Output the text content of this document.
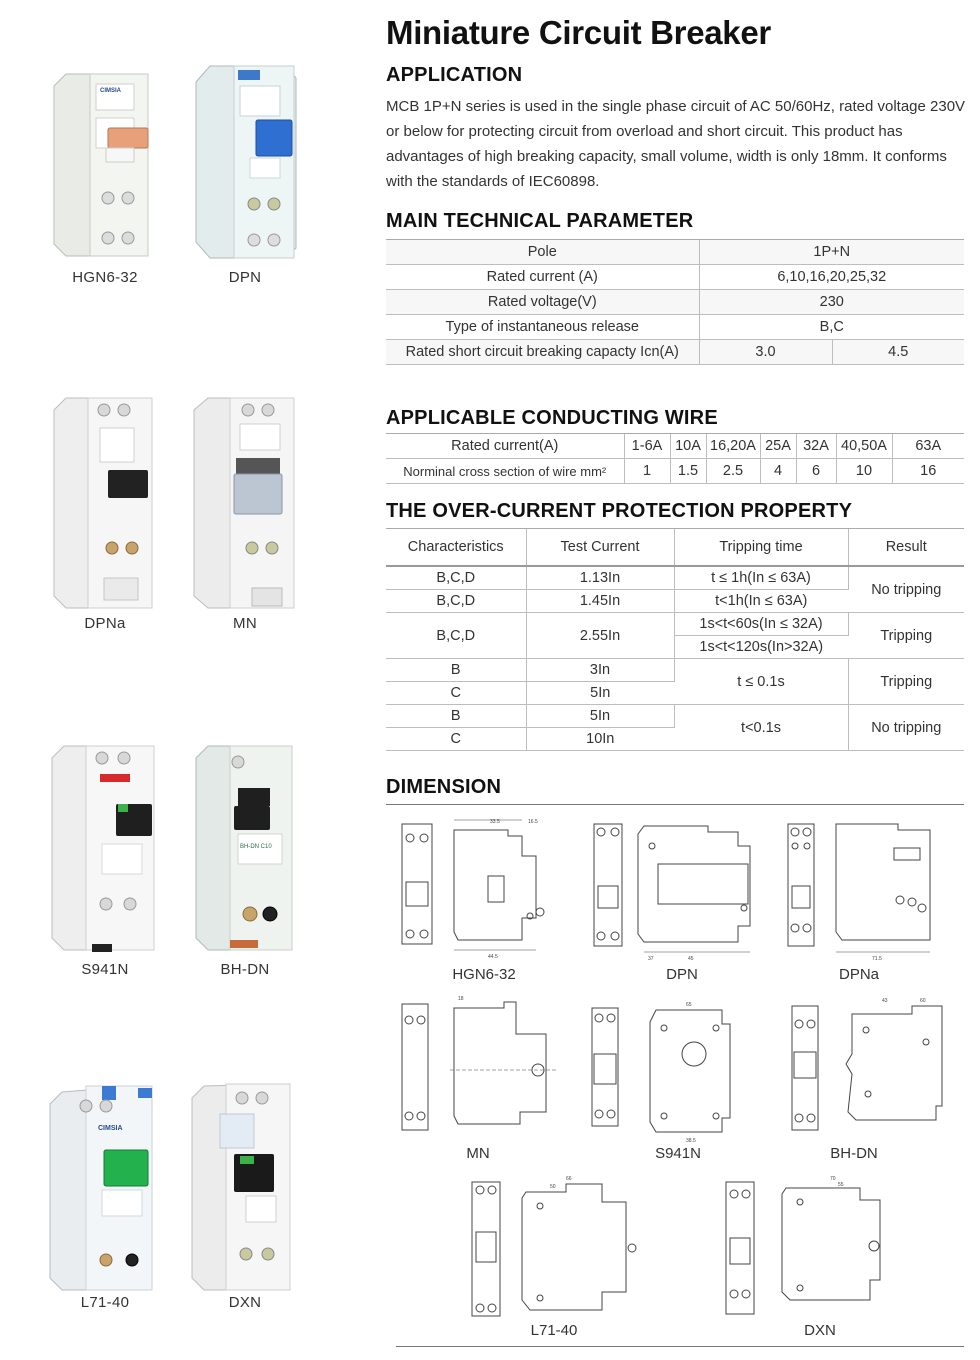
CIMSIA
HGN6-32	DPN
DPNa	MN
S941N
BH-DN C10
BH-DN
CIMSIA
L71-40	DXN
Miniature Circuit Breaker
APPLICATION
MCB 1P+N series is used in the single phase circuit of AC 50/60Hz, rated voltage 230V or below for protecting circuit from overload and short circuit. This product has advantages of high breaking capacity, small volume, width is only 18mm. It conforms with the standards of IEC60898.
MAIN TECHNICAL PARAMETER
Pole	1P+N	
Rated current (A)	6,10,16,20,25,32	
Rated voltage(V)	230	
Type of instantaneous release	B,C	
Rated short circuit breaking capacty Icn(A)	3.0	4.5
APPLICABLE CONDUCTING WIRE
Rated current(A)	1-6A	10A	16,20A	25A	32A	40,50A	63A
Norminal cross section of wire mm²	1	1.5	2.5	4	6	10	16
THE OVER-CURRENT PROTECTION PROPERTY
Characteristics	Test Current	Tripping time	Result
B,C,D	1.13In	t ≤ 1h(In ≤ 63A)	No tripping
B,C,D	1.45In	t<1h(In ≤ 63A)	
B,C,D	2.55In	1s<t<60s(In ≤ 32A)	Tripping
		1s<t<120s(In>32A)	
B	3In	t ≤ 0.1s	Tripping
C	5In		
B	5In	t<0.1s	No tripping
C	10In		
DIMENSION
33.5	16.5
44.5
HGN6-32
45
37
DPN
71.5
DPNa
18
MN
65
38.5
S941N
43	60
BH-DN
66
50
L71-40
70
55
DXN
